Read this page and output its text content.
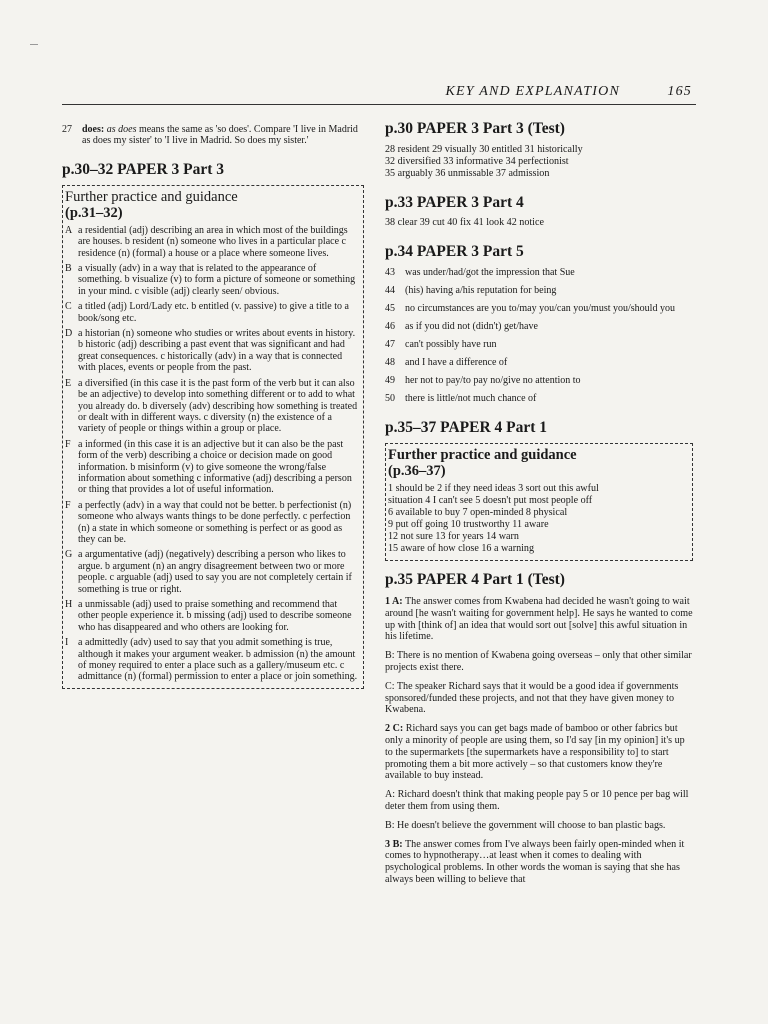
KEY AND EXPLANATION	165
27	does: as does means the same as 'so does'. Compare 'I live in Madrid as does my sister' to 'I live in Madrid. So does my sister.'
p.30–32 PAPER 3 Part 3

Further practice and guidance

(p.31–32)

A a residential (adj) describing an area in which most of the buildings are houses. b resident (n) someone who lives in a particular place c residence (n) (formal) a house or a place where someone lives.
B a visually (adv) in a way that is related to the appearance of something. b visualize (v) to form a picture of someone or something in your mind. c visible (adj) clearly seen/ obvious.
C a titled (adj) Lord/Lady etc. b entitled (v. passive) to give a title to a book/song etc.
D a historian (n) someone who studies or writes about events in history. b historic (adj) describing a past event that was significant and had great consequences. c historically (adv) in a way that is connected with places, events or people from the past.
E a diversified (in this case it is the past form of the verb but it can also be an adjective) to develop into something different or to add to what you already do. b diversely (adv) describing how something is treated or dealt with in different ways. c diversity (n) the existence of a variety of people or things within a group or place.
F a informed (in this case it is an adjective but it can also be the past form of the verb) describing a choice or decision made on good information. b misinform (v) to give someone the wrong/false information about something c informative (adj) describing a person or thing that provides a lot of useful information.
F a perfectly (adv) in a way that could not be better. b perfectionist (n) someone who always wants things to be done perfectly. c perfection (n) a state in which someone or something is perfect or as good as they can be.
G a argumentative (adj) (negatively) describing a person who likes to argue. b argument (n) an angry disagreement between two or more people. c arguable (adj) used to say you are not completely certain if something is true or right.
H a unmissable (adj) used to praise something and recommend that other people experience it. b missing (adj) used to describe someone who has disappeared and who others are looking for.
I a admittedly (adv) used to say that you admit something is true, although it makes your argument weaker. b admission (n) the amount of money required to enter a place such as a gallery/museum etc. c admittance (n) (formal) permission to enter a place or join something.
p.30 PAPER 3 Part 3 (Test)
28 resident 29 visually 30 entitled 31 historically
32 diversified 33 informative 34 perfectionist
35 arguably 36 unmissable 37 admission
p.33 PAPER 3 Part 4
38 clear 39 cut 40 fix 41 look 42 notice
p.34 PAPER 3 Part 5
43	was under/had/got the impression that Sue
44	(his) having a/his reputation for being
45	no circumstances are you to/may you/can you/must you/should you
46	as if you did not (didn't) get/have
47	can't possibly have run
48	and I have a difference of
49	her not to pay/to pay no/give no attention to
50	there is little/not much chance of
p.35–37 PAPER 4 Part 1

Further practice and guidance

(p.36–37)

1 should be 2 if they need ideas 3 sort out this awful
situation 4 I can't see 5 doesn't put most people off
6 available to buy 7 open-minded 8 physical
9 put off going 10 trustworthy 11 aware
12 not sure 13 for years 14 warn
15 aware of how close 16 a warning
p.35 PAPER 4 Part 1 (Test)

1 A: The answer comes from Kwabena had decided he wasn't going to wait around [he wasn't waiting for government help]. He says he wanted to come up with [think of] an idea that would sort out [solve] this awful situation in his lifetime.

B: There is no mention of Kwabena going overseas – only that other similar projects exist there.

C: The speaker Richard says that it would be a good idea if governments sponsored/funded these projects, and not that they have given money to Kwabena.

2 C: Richard says you can get bags made of bamboo or other fabrics but only a minority of people are using them, so I'd say [in my opinion] it's up to the supermarkets [the supermarkets have a responsibility to] to start promoting them a bit more actively – so that customers know they're available to buy instead.

A: Richard doesn't think that making people pay 5 or 10 pence per bag will deter them from using them.

B: He doesn't believe the government will choose to ban plastic bags.

3 B: The answer comes from I've always been fairly open-minded when it comes to hypnotherapy…at least when it comes to dealing with psychological problems. In other words the woman is saying that she has always been willing to believe that
